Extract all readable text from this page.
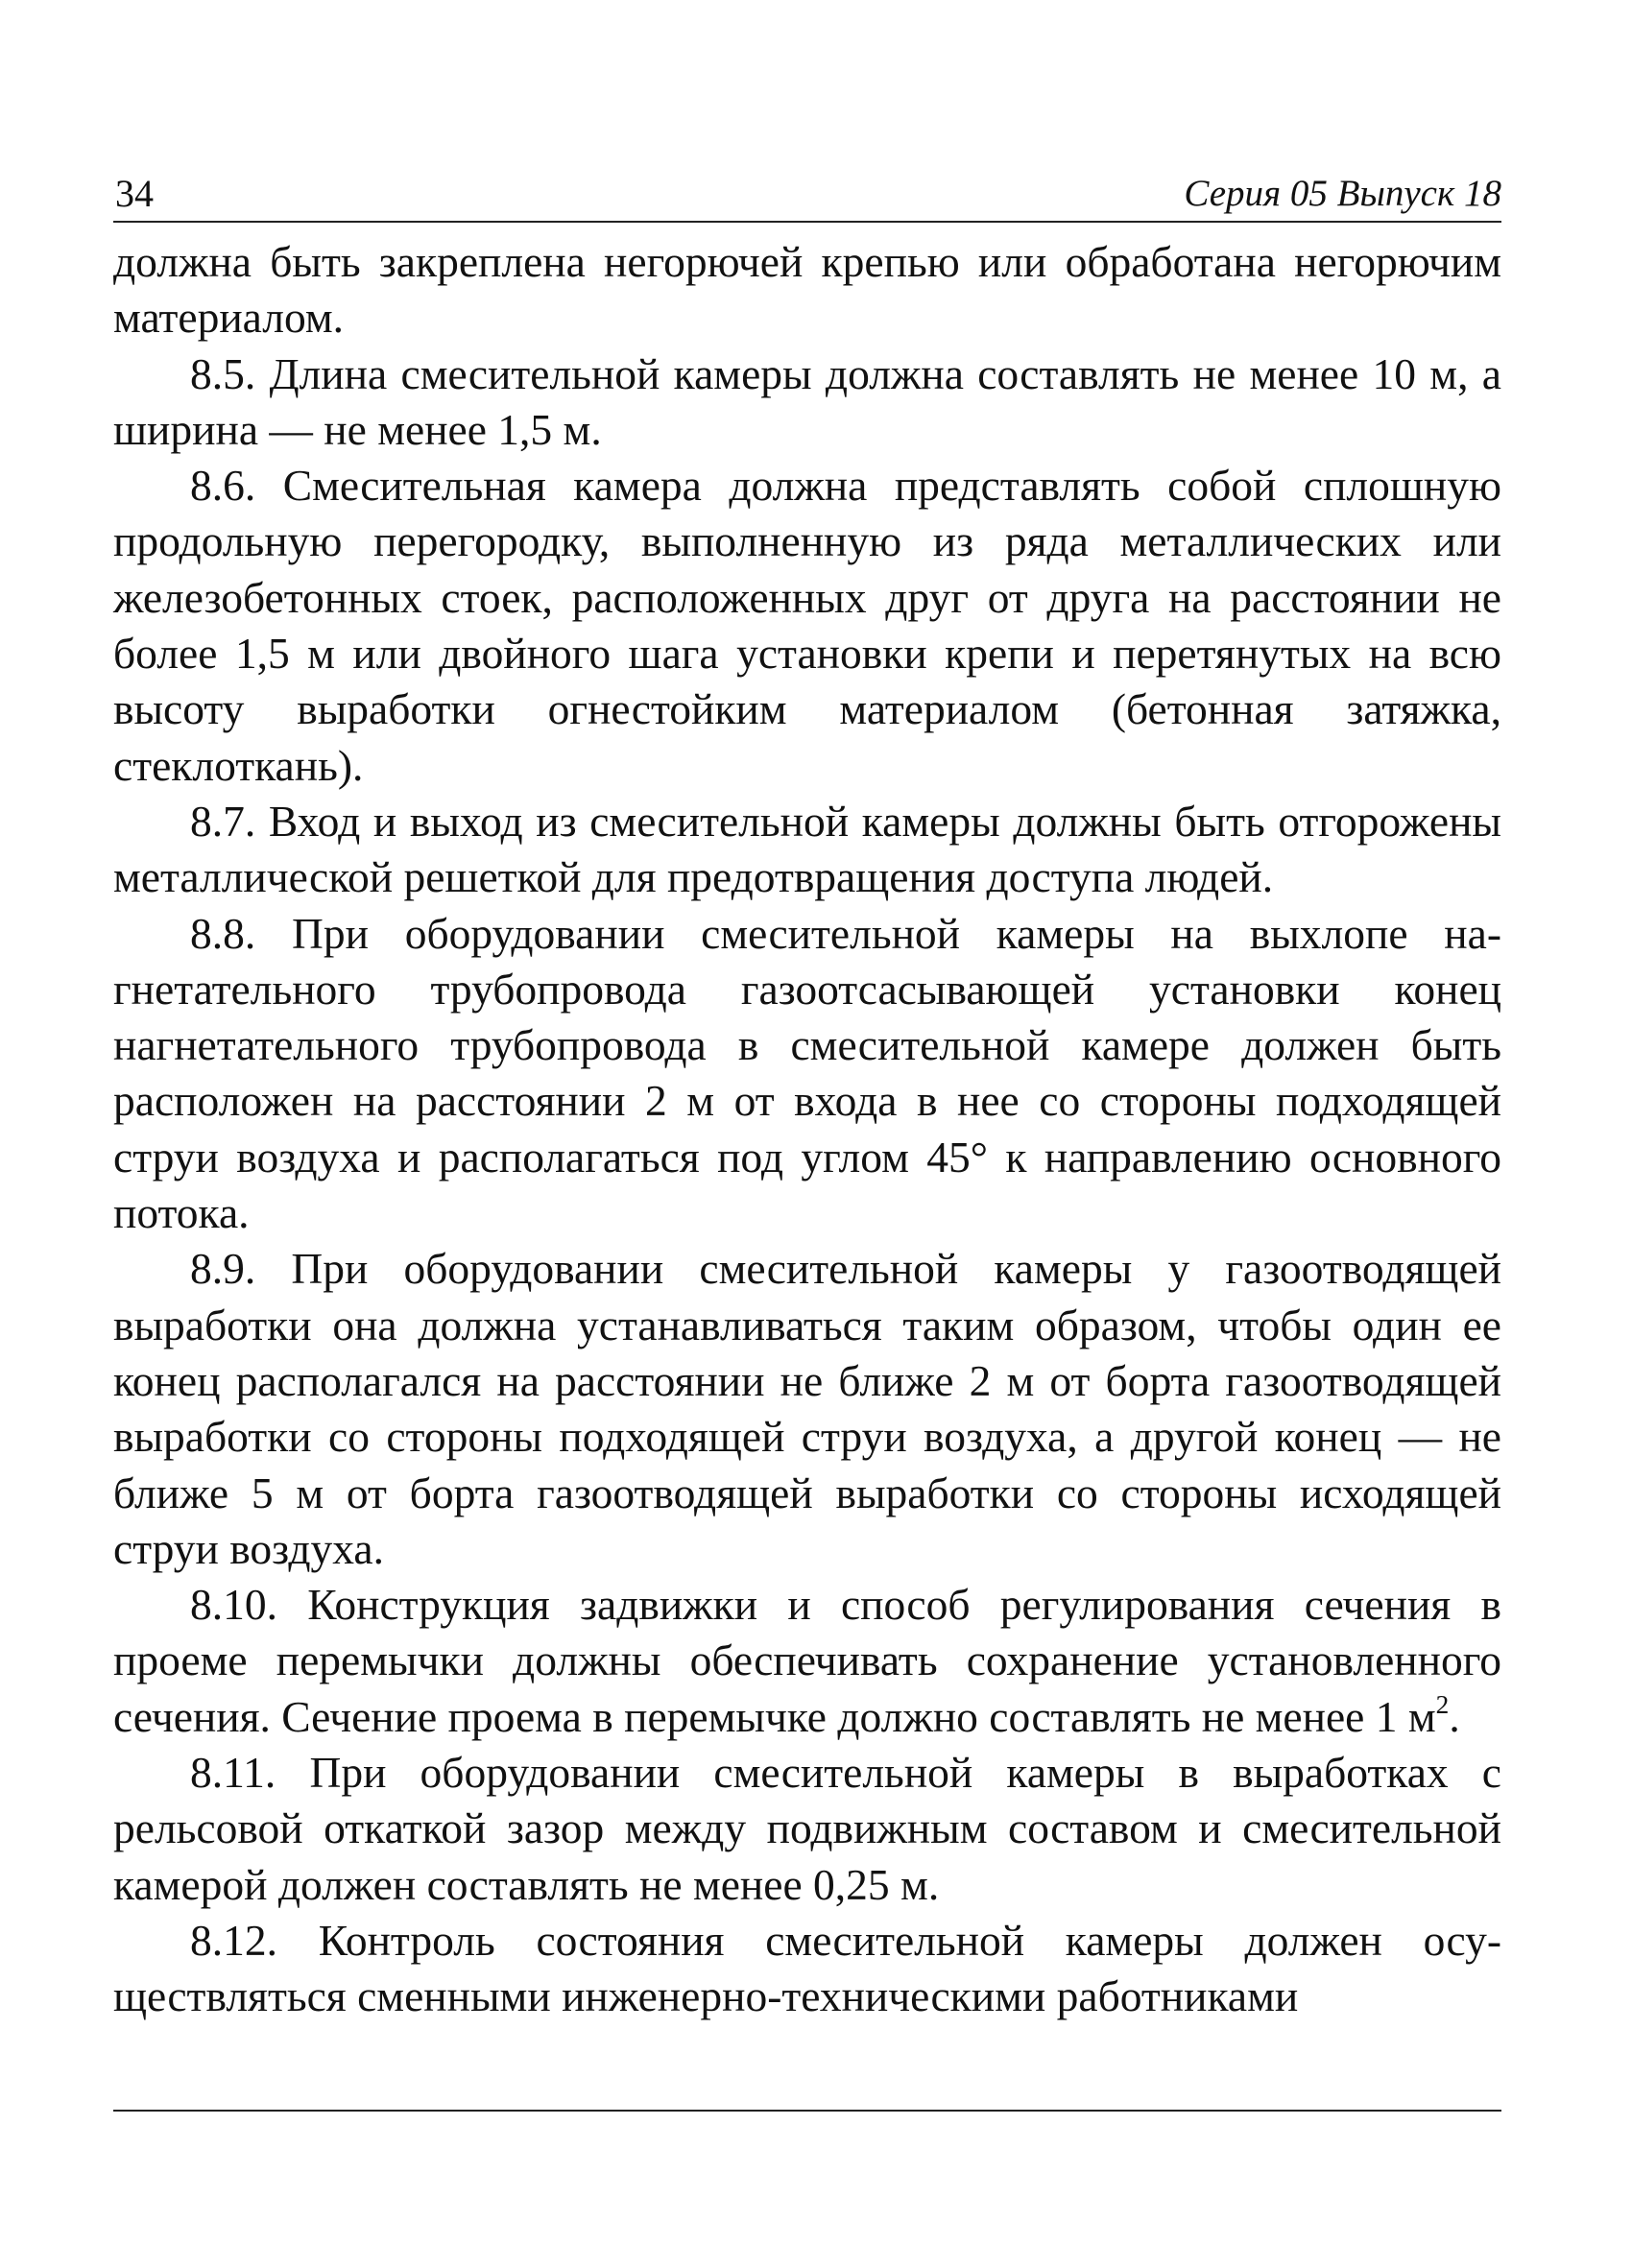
34	Серия 05 Выпуск 18

должна быть закреплена негорючей крепью или обработана негорючим материалом.

8.5. Длина смесительной камеры должна составлять не менее 10 м, а ширина — не менее 1,5 м.

8.6. Смесительная камера должна представлять собой сплошную продольную перегородку, выполненную из ряда металлических или железобетонных стоек, расположенных друг от друга на расстоянии не более 1,5 м или двойного шага установки крепи и перетянутых на всю высоту выработки огнестойким материалом (бетонная затяжка, стеклоткань).

8.7. Вход и выход из смесительной камеры должны быть отгорожены металлической решеткой для предотвращения доступа людей.

8.8. При оборудовании смесительной камеры на выхлопе нагнетательного трубопровода газоотсасывающей установки конец нагнетательного трубопровода в смесительной камере должен быть расположен на расстоянии 2 м от входа в нее со стороны подходящей струи воздуха и располагаться под углом 45° к направлению основного потока.

8.9. При оборудовании смесительной камеры у газоотводящей выработки она должна устанавливаться таким образом, чтобы один ее конец располагался на расстоянии не ближе 2 м от борта газоотводящей выработки со стороны подходящей струи воздуха, а другой конец — не ближе 5 м от борта газоотводящей выработки со стороны исходящей струи воздуха.

8.10. Конструкция задвижки и способ регулирования сечения в проеме перемычки должны обеспечивать сохранение установленного сечения. Сечение проема в перемычке должно составлять не менее 1 $м^2$.

8.11. При оборудовании смесительной камеры в выработках с рельсовой откаткой зазор между подвижным составом и смесительной камерой должен составлять не менее 0,25 м.

8.12. Контроль состояния смесительной камеры должен осуществляться сменными инженерно-техническими работниками
